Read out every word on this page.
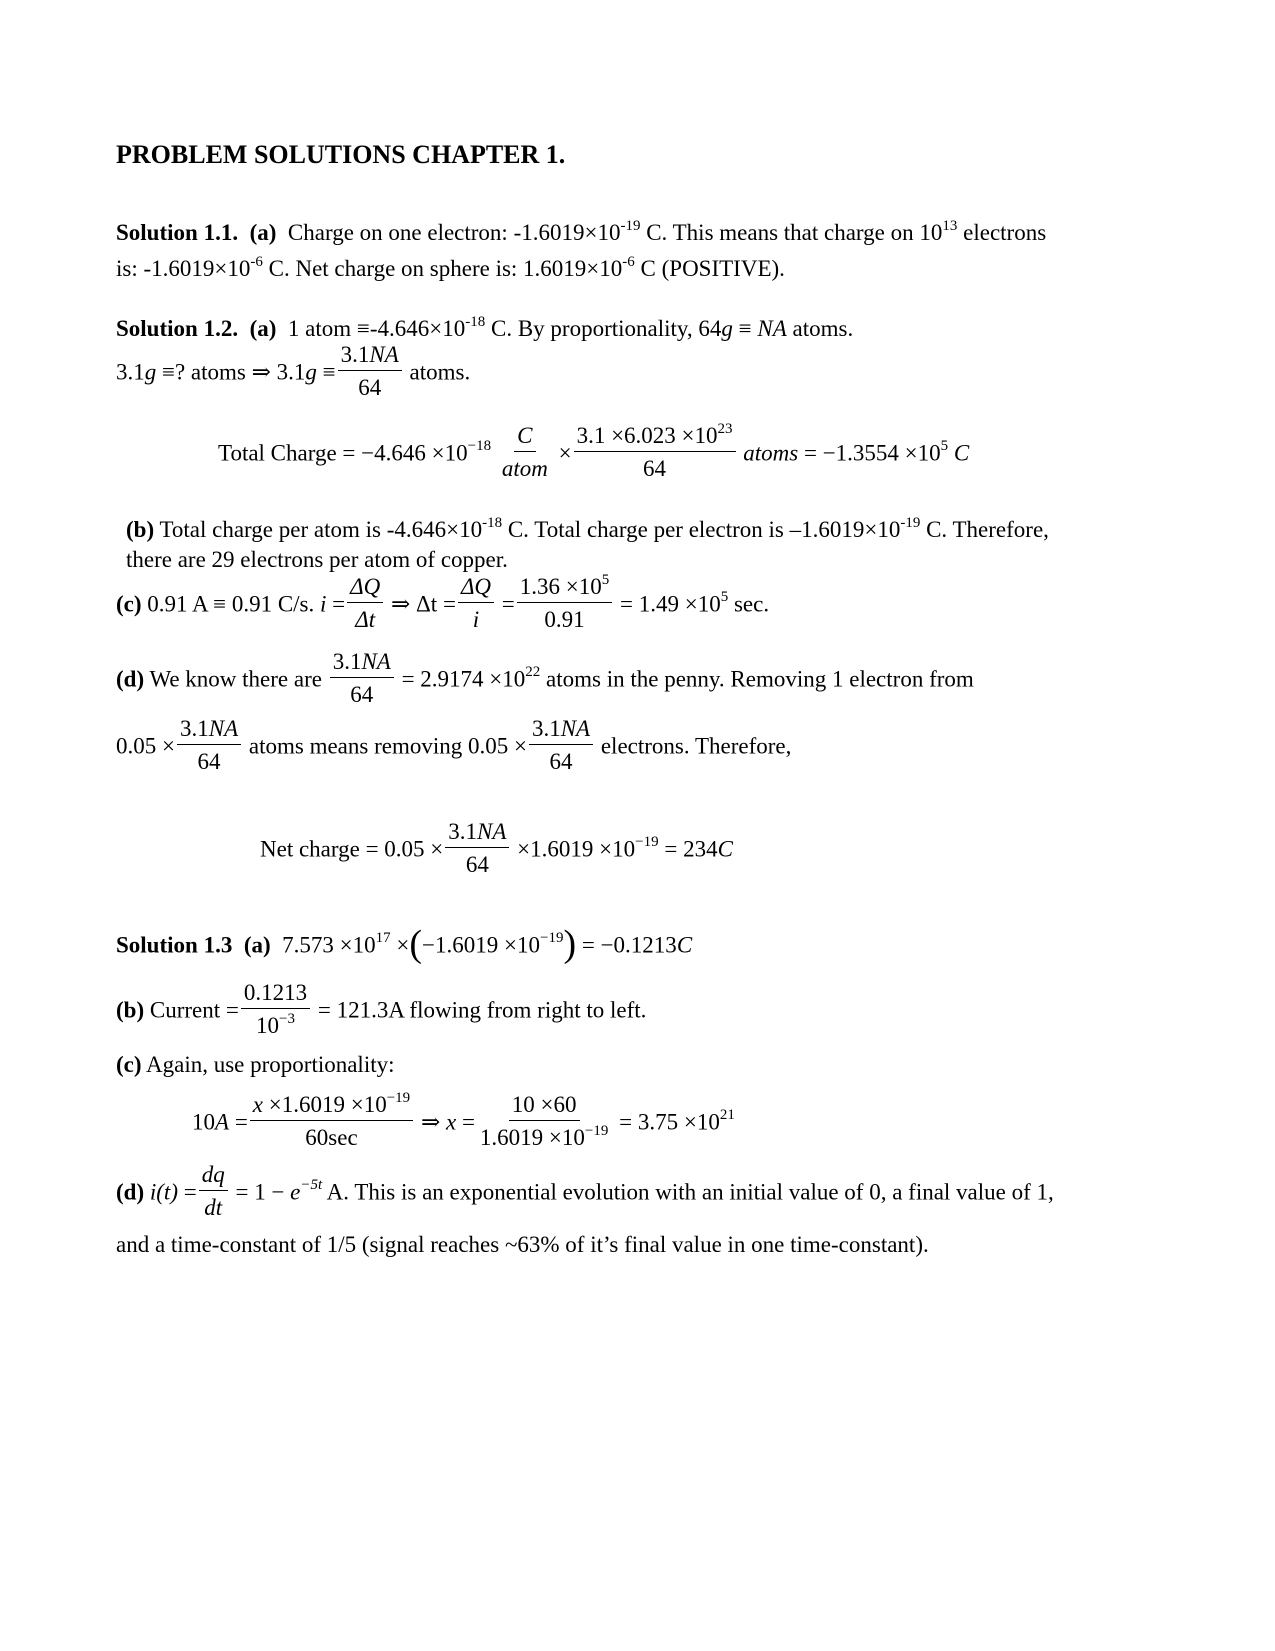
PROBLEM SOLUTIONS CHAPTER 1.
Solution 1.1. (a) Charge on one electron: $-1.6019\times 10^{-19}$ C. This means that charge on $10^{13}$ electrons
is: $-1.6019\times 10^{-6}$ C. Net charge on sphere is: $1.6019\times 10^{-6}$ C (POSITIVE).
Solution 1.2. (a) 1 atom $\equiv-4.646\times 10^{-18}$ C. By proportionality, 64g ≡ NA atoms.
3.1g ≡? atoms ⇒ $3.1g \equiv \frac{3.1NA}{64}$ atoms.
Total Charge = $-4.646 \times 10^{-18} \frac{C}{\text{atom}} \times \frac{3.1 \times 6.023 \times 10^{23}}{64}$ atoms = $-1.3554 \times 10^5$ C
(b) Total charge per atom is $-4.646\times 10^{-18}$ C. Total charge per electron is $-1.6019\times 10^{-19}$ C. Therefore,
there are 29 electrons per atom of copper.
(c) 0.91 A ≡ 0.91 C/s. $i = \frac{\Delta Q}{\Delta t}$ ⇒ $\Delta t = \frac{\Delta Q}{i} = \frac{1.36 \times 10^5}{0.91} = 1.49 \times 10^5$ sec.
(d) We know there are $\frac{3.1NA}{64} = 2.9174 \times 10^{22}$ atoms in the penny. Removing 1 electron from
$0.05 \times \frac{3.1NA}{64}$ atoms means removing $0.05 \times \frac{3.1NA}{64}$ electrons. Therefore,
Net charge = $0.05 \times \frac{3.1NA}{64} \times 1.6019 \times 10^{-19} = 234C$
Solution 1.3 (a) $7.573 \times 10^{17} \times(-1.6019 \times 10^{-19}) = -0.1213C$
(b) Current = $\frac{0.1213}{10^{-3}} = 121.3A$ flowing from right to left.
(c) Again, use proportionality:
$10A = \frac{x \times 1.6019 \times 10^{-19}}{60\sec}$ ⇒ $x = \frac{10 \times 60}{1.6019 \times 10^{-19}} = 3.75 \times 10^{21}$
(d) $i(t) = \frac{dq}{dt} = 1 - e^{-5t}$ A. This is an exponential evolution with an initial value of 0, a final value of 1,
and a time-constant of 1/5 (signal reaches ~63% of it’s final value in one time-constant).
